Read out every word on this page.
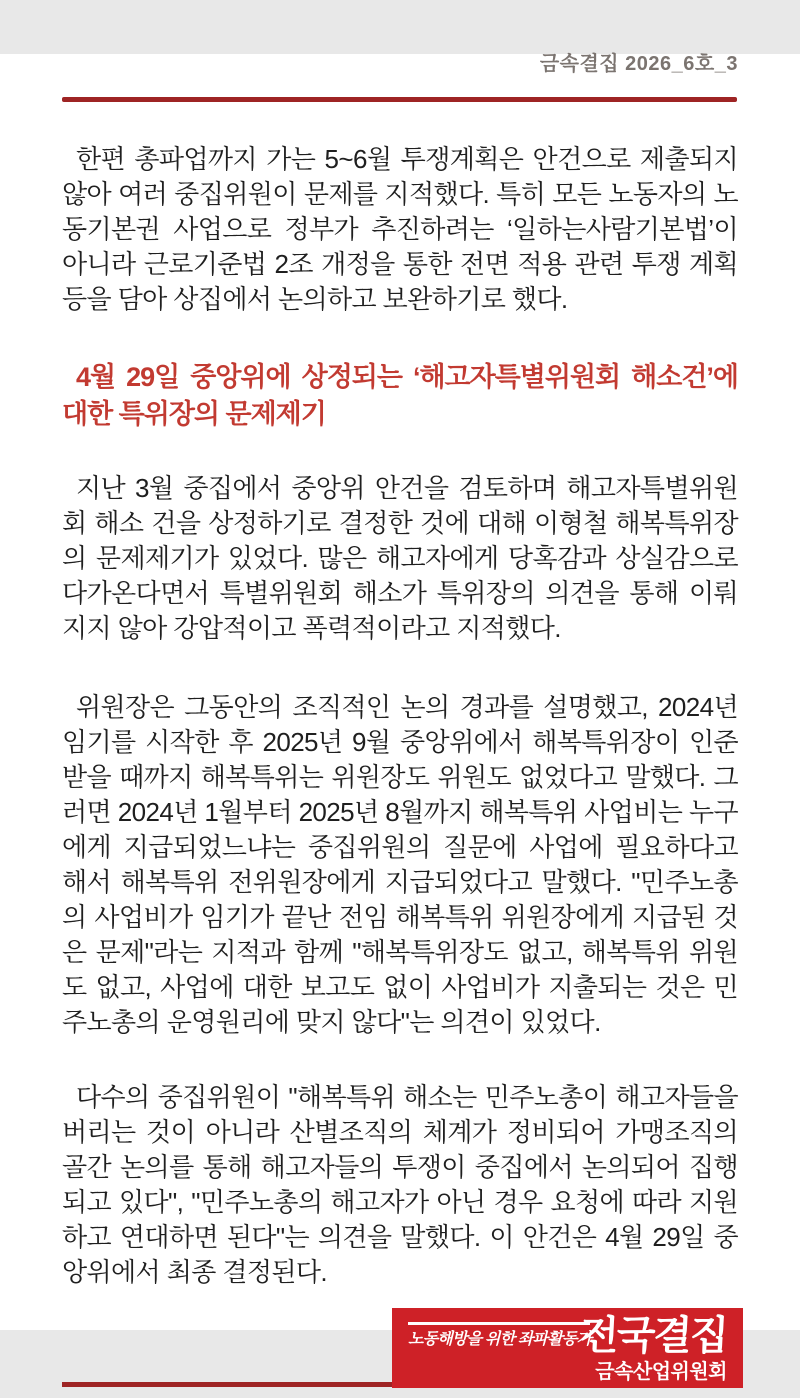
금속결집 2026_6호_3

한편 총파업까지 가는 5~6월 투쟁계획은 안건으로 제출되지 않아 여러 중집위원이 문제를 지적했다. 특히 모든 노동자의 노동기본권 사업으로 정부가 추진하려는 ‘일하는사람기본법’이 아니라 근로기준법 2조 개정을 통한 전면 적용 관련 투쟁 계획 등을 담아 상집에서 논의하고 보완하기로 했다.

4월 29일 중앙위에 상정되는 ‘해고자특별위원회 해소건’에 대한 특위장의 문제제기

지난 3월 중집에서 중앙위 안건을 검토하며 해고자특별위원회 해소 건을 상정하기로 결정한 것에 대해 이형철 해복특위장의 문제제기가 있었다. 많은 해고자에게 당혹감과 상실감으로 다가온다면서 특별위원회 해소가 특위장의 의견을 통해 이뤄지지 않아 강압적이고 폭력적이라고 지적했다.

위원장은 그동안의 조직적인 논의 경과를 설명했고, 2024년 임기를 시작한 후 2025년 9월 중앙위에서 해복특위장이 인준받을 때까지 해복특위는 위원장도 위원도 없었다고 말했다. 그러면 2024년 1월부터 2025년 8월까지 해복특위 사업비는 누구에게 지급되었느냐는 중집위원의 질문에 사업에 필요하다고 해서 해복특위 전위원장에게 지급되었다고 말했다. "민주노총의 사업비가 임기가 끝난 전임 해복특위 위원장에게 지급된 것은 문제"라는 지적과 함께 "해복특위장도 없고, 해복특위 위원도 없고, 사업에 대한 보고도 없이 사업비가 지출되는 것은 민주노총의 운영원리에 맞지 않다"는 의견이 있었다.

다수의 중집위원이 "해복특위 해소는 민주노총이 해고자들을 버리는 것이 아니라 산별조직의 체계가 정비되어 가맹조직의 골간 논의를 통해 해고자들의 투쟁이 중집에서 논의되어 집행되고 있다", "민주노총의 해고자가 아닌 경우 요청에 따라 지원하고 연대하면 된다"는 의견을 말했다. 이 안건은 4월 29일 중앙위에서 최종 결정된다.

노동해방을 위한 좌파활동가
전국결집
금속산업위원회
